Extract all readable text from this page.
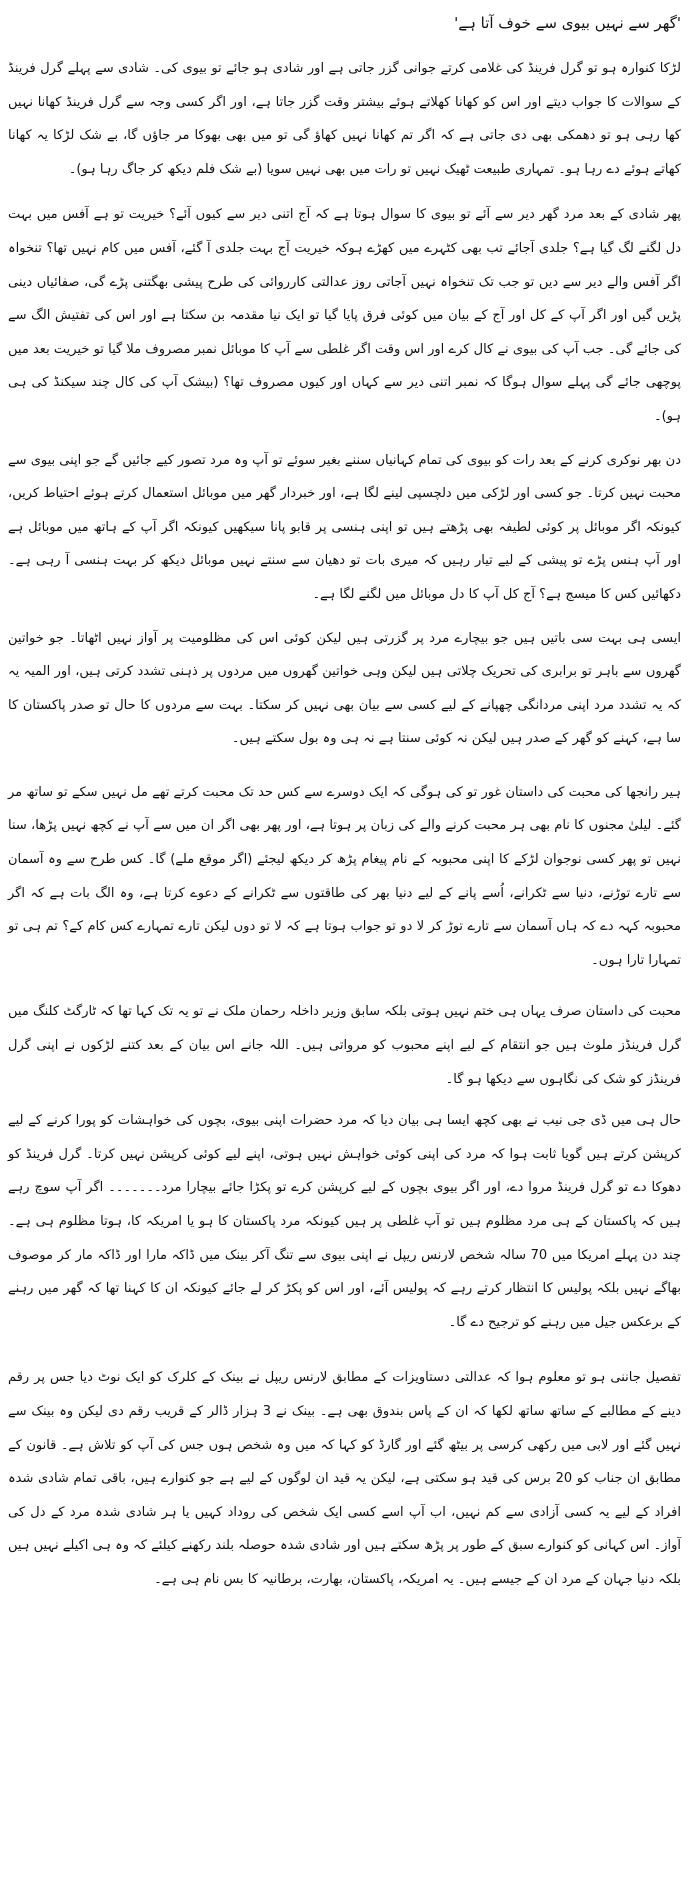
'گھر سے نہیں بیوی سے خوف آتا ہے'

لڑکا کنوارہ ہو تو گرل فرینڈ کی غلامی کرتے جوانی گزر جاتی ہے اور شادی ہو جائے تو بیوی کی۔ شادی سے پہلے گرل فرینڈ کے سوالات کا جواب دیتے اور اس کو کھانا کھلاتے ہوئے بیشتر وقت گزر جاتا ہے، اور اگر کسی وجہ سے گرل فرینڈ کھانا نہیں کھا رہی ہو تو دھمکی بھی دی جاتی ہے کہ اگر تم کھانا نہیں کھاؤ گی تو میں بھی بھوکا مر جاؤں گا، بے شک لڑکا یہ کھانا کھاتے ہوئے دے رہا ہو۔ تمہاری طبیعت ٹھیک نہیں تو رات میں بھی نہیں سویا (بے شک فلم دیکھ کر جاگ رہا ہو)۔

پھر شادی کے بعد مرد گھر دیر سے آئے تو بیوی کا سوال ہوتا ہے کہ آج اتنی دیر سے کیوں آئے؟ خیریت تو ہے آفس میں بہت دل لگنے لگ گیا ہے؟ جلدی آجائے تب بھی کٹہرے میں کھڑے ہوکہ خیریت آج بہت جلدی آ گئے، آفس میں کام نہیں تھا؟ تنخواہ اگر آفس والے دیر سے دیں تو جب تک تنخواہ نہیں آجاتی روز عدالتی کارروائی کی طرح پیشی بھگتنی پڑے گی، صفائیاں دینی پڑیں گیں اور اگر آپ کے کل اور آج کے بیان میں کوئی فرق پایا گیا تو ایک نیا مقدمہ بن سکتا ہے اور اس کی تفتیش الگ سے کی جائے گی۔ جب آپ کی بیوی نے کال کرے اور اس وقت اگر غلطی سے آپ کا موبائل نمبر مصروف ملا گیا تو خیریت بعد میں پوچھی جائے گی پہلے سوال ہوگا کہ نمبر اتنی دیر سے کہاں اور کیوں مصروف تھا؟ (بیشک آپ کی کال چند سیکنڈ کی ہی ہو)۔

دن بھر نوکری کرنے کے بعد رات کو بیوی کی تمام کہانیاں سننے بغیر سوئے تو آپ وہ مرد تصور کیے جائیں گے جو اپنی بیوی سے محبت نہیں کرتا۔ جو کسی اور لڑکی میں دلچسپی لینے لگا ہے، اور خبردار گھر میں موبائل استعمال کرتے ہوئے احتیاط کریں، کیونکہ اگر موبائل پر کوئی لطیفہ بھی پڑھتے ہیں تو اپنی ہنسی پر قابو پانا سیکھیں کیونکہ اگر آپ کے ہاتھ میں موبائل ہے اور آپ ہنس پڑے تو پیشی کے لیے تیار رہیں کہ میری بات تو دھیان سے سنتے نہیں موبائل دیکھ کر بہت ہنسی آ رہی ہے۔ دکھائیں کس کا میسج ہے؟ آج کل آپ کا دل موبائل میں لگنے لگا ہے۔

ایسی ہی بہت سی باتیں ہیں جو بیچارے مرد پر گزرتی ہیں لیکن کوئی اس کی مظلومیت پر آواز نہیں اٹھاتا۔ جو خواتین گھروں سے باہر تو برابری کی تحریک چلاتی ہیں لیکن وہی خواتین گھروں میں مردوں پر ذہنی تشدد کرتی ہیں، اور المیہ یہ کہ یہ تشدد مرد اپنی مردانگی چھپانے کے لیے کسی سے بیان بھی نہیں کر سکتا۔ بہت سے مردوں کا حال تو صدر پاکستان کا سا ہے، کہنے کو گھر کے صدر ہیں لیکن نہ کوئی سنتا ہے نہ ہی وہ بول سکتے ہیں۔

ہیر رانجھا کی محبت کی داستان غور تو کی ہوگی کہ ایک دوسرے سے کس حد تک محبت کرتے تھے مل نہیں سکے تو ساتھ مر گئے۔ لیلیٰ مجنوں کا نام بھی ہر محبت کرنے والے کی زبان پر ہوتا ہے، اور پھر بھی اگر ان میں سے آپ نے کچھ نہیں پڑھا، سنا نہیں تو پھر کسی نوجوان لڑکے کا اپنی محبوبہ کے نام پیغام پڑھ کر دیکھ لیجئے (اگر موقع ملے) گا۔ کس طرح سے وہ آسمان سے تارے توڑنے، دنیا سے ٹکرانے، اُسے پانے کے لیے دنیا بھر کی طاقتوں سے ٹکرانے کے دعوے کرتا ہے، وہ الگ بات ہے کہ اگر محبوبہ کہہ دے کہ ہاں آسمان سے تارے توڑ کر لا دو تو جواب ہوتا ہے کہ لا تو دوں لیکن تارے تمہارے کس کام کے؟ تم ہی تو تمہارا تارا ہوں۔

محبت کی داستان صرف یہاں ہی ختم نہیں ہوتی بلکہ سابق وزیر داخلہ رحمان ملک نے تو یہ تک کہا تھا کہ ٹارگٹ کلنگ میں گرل فرینڈز ملوث ہیں جو انتقام کے لیے اپنے محبوب کو مرواتی ہیں۔ اللہ جانے اس بیان کے بعد کتنے لڑکوں نے اپنی گرل فرینڈز کو شک کی نگاہوں سے دیکھا ہو گا۔

حال ہی میں ڈی جی نیب نے بھی کچھ ایسا ہی بیان دیا کہ مرد حضرات اپنی بیوی، بچوں کی خواہشات کو پورا کرنے کے لیے کرپشن کرتے ہیں گویا ثابت ہوا کہ مرد کی اپنی کوئی خواہش نہیں ہوتی، اپنے لیے کوئی کرپشن نہیں کرتا۔ گرل فرینڈ کو دھوکا دے تو گرل فرینڈ مروا دے، اور اگر بیوی بچوں کے لیے کرپشن کرے تو پکڑا جائے بیچارا مرد۔۔۔۔۔۔۔ اگر آپ سوچ رہے ہیں کہ پاکستان کے ہی مرد مظلوم ہیں تو آپ غلطی پر ہیں کیونکہ مرد پاکستان کا ہو یا امریکہ کا، ہوتا مظلوم ہی ہے۔ چند دن پہلے امریکا میں 70 سالہ شخص لارنس ریپل نے اپنی بیوی سے تنگ آکر بینک میں ڈاکہ مارا اور ڈاکہ مار کر موصوف بھاگے نہیں بلکہ پولیس کا انتظار کرتے رہے کہ پولیس آئے، اور اس کو پکڑ کر لے جائے کیونکہ ان کا کہنا تھا کہ گھر میں رہنے کے برعکس جیل میں رہنے کو ترجیح دے گا۔

تفصیل جاننی ہو تو معلوم ہوا کہ عدالتی دستاویزات کے مطابق لارنس ریپل نے بینک کے کلرک کو ایک نوٹ دیا جس پر رقم دینے کے مطالبے کے ساتھ ساتھ لکھا کہ ان کے پاس بندوق بھی ہے۔ بینک نے 3 ہزار ڈالر کے قریب رقم دی لیکن وہ بینک سے نہیں گئے اور لابی میں رکھی کرسی پر بیٹھ گئے اور گارڈ کو کہا کہ میں وہ شخص ہوں جس کی آپ کو تلاش ہے۔ قانون کے مطابق ان جناب کو 20 برس کی قید ہو سکتی ہے، لیکن یہ قید ان لوگوں کے لیے ہے جو کنوارے ہیں، باقی تمام شادی شدہ افراد کے لیے یہ کسی آزادی سے کم نہیں، اب آپ اسے کسی ایک شخص کی روداد کہیں یا ہر شادی شدہ مرد کے دل کی آواز۔ اس کہانی کو کنوارے سبق کے طور پر پڑھ سکتے ہیں اور شادی شدہ حوصلہ بلند رکھنے کیلئے کہ وہ ہی اکیلے نہیں ہیں بلکہ دنیا جہان کے مرد ان کے جیسے ہیں۔ یہ امریکہ، پاکستان، بھارت، برطانیہ کا بس نام ہی ہے۔
